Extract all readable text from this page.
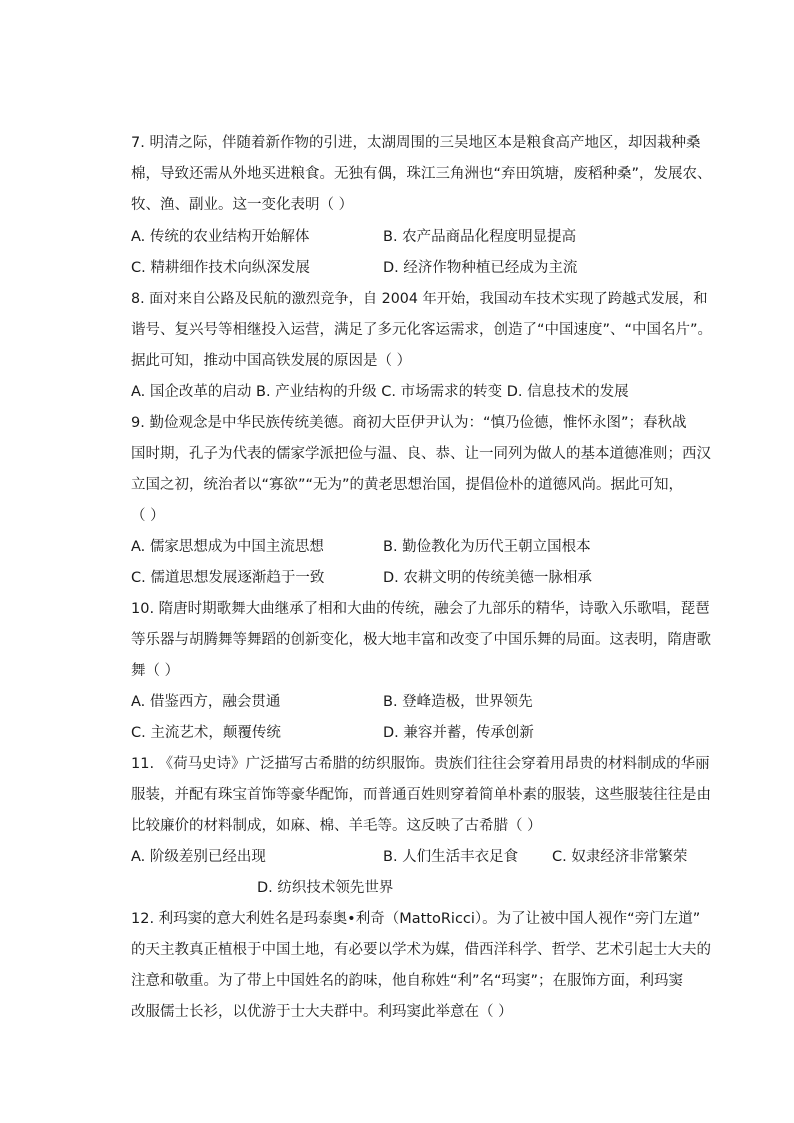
7. 明清之际，伴随着新作物的引进，太湖周围的三吴地区本是粮食高产地区，却因栽种桑
棉，导致还需从外地买进粮食。无独有偶，珠江三角洲也“弃田筑塘，废稻种桑”，发展农、
牧、渔、副业。这一变化表明（ ）
A. 传统的农业结构开始解体	B. 农产品商品化程度明显提高
C. 精耕细作技术向纵深发展	D. 经济作物种植已经成为主流
8. 面对来自公路及民航的激烈竞争，自 2004 年开始，我国动车技术实现了跨越式发展，和
谐号、复兴号等相继投入运营，满足了多元化客运需求，创造了“中国速度”、“中国名片”。
据此可知，推动中国高铁发展的原因是（ ）
A. 国企改革的启动 B. 产业结构的升级 C. 市场需求的转变 D. 信息技术的发展
9. 勤俭观念是中华民族传统美德。商初大臣伊尹认为：“慎乃俭德，惟怀永图”；春秋战
国时期，孔子为代表的儒家学派把俭与温、良、恭、让一同列为做人的基本道德准则；西汉
立国之初，统治者以“寡欲”“无为”的黄老思想治国，提倡俭朴的道德风尚。据此可知，
（ ）
A. 儒家思想成为中国主流思想	B. 勤俭教化为历代王朝立国根本
C. 儒道思想发展逐渐趋于一致	D. 农耕文明的传统美德一脉相承
10. 隋唐时期歌舞大曲继承了相和大曲的传统，融会了九部乐的精华，诗歌入乐歌唱，琵琶
等乐器与胡腾舞等舞蹈的创新变化，极大地丰富和改变了中国乐舞的局面。这表明，隋唐歌
舞（ ）
A. 借鉴西方，融会贯通	B. 登峰造极，世界领先
C. 主流艺术，颠覆传统	D. 兼容并蓄，传承创新
11. 《荷马史诗》广泛描写古希腊的纺织服饰。贵族们往往会穿着用昂贵的材料制成的华丽
服装，并配有珠宝首饰等豪华配饰，而普通百姓则穿着简单朴素的服装，这些服装往往是由
比较廉价的材料制成，如麻、棉、羊毛等。这反映了古希腊（ ）
A. 阶级差别已经出现	B. 人们生活丰衣足食 C. 奴隶经济非常繁荣
D. 纺织技术领先世界
12. 利玛窦的意大利姓名是玛泰奥•利奇（MattoRicci）。为了让被中国人视作“旁门左道”
的天主教真正植根于中国土地，有必要以学术为媒，借西洋科学、哲学、艺术引起士大夫的
注意和敬重。为了带上中国姓名的韵味，他自称姓“利”名“玛窦”；在服饰方面，利玛窦
改服儒士长衫，以优游于士大夫群中。利玛窦此举意在（ ）
